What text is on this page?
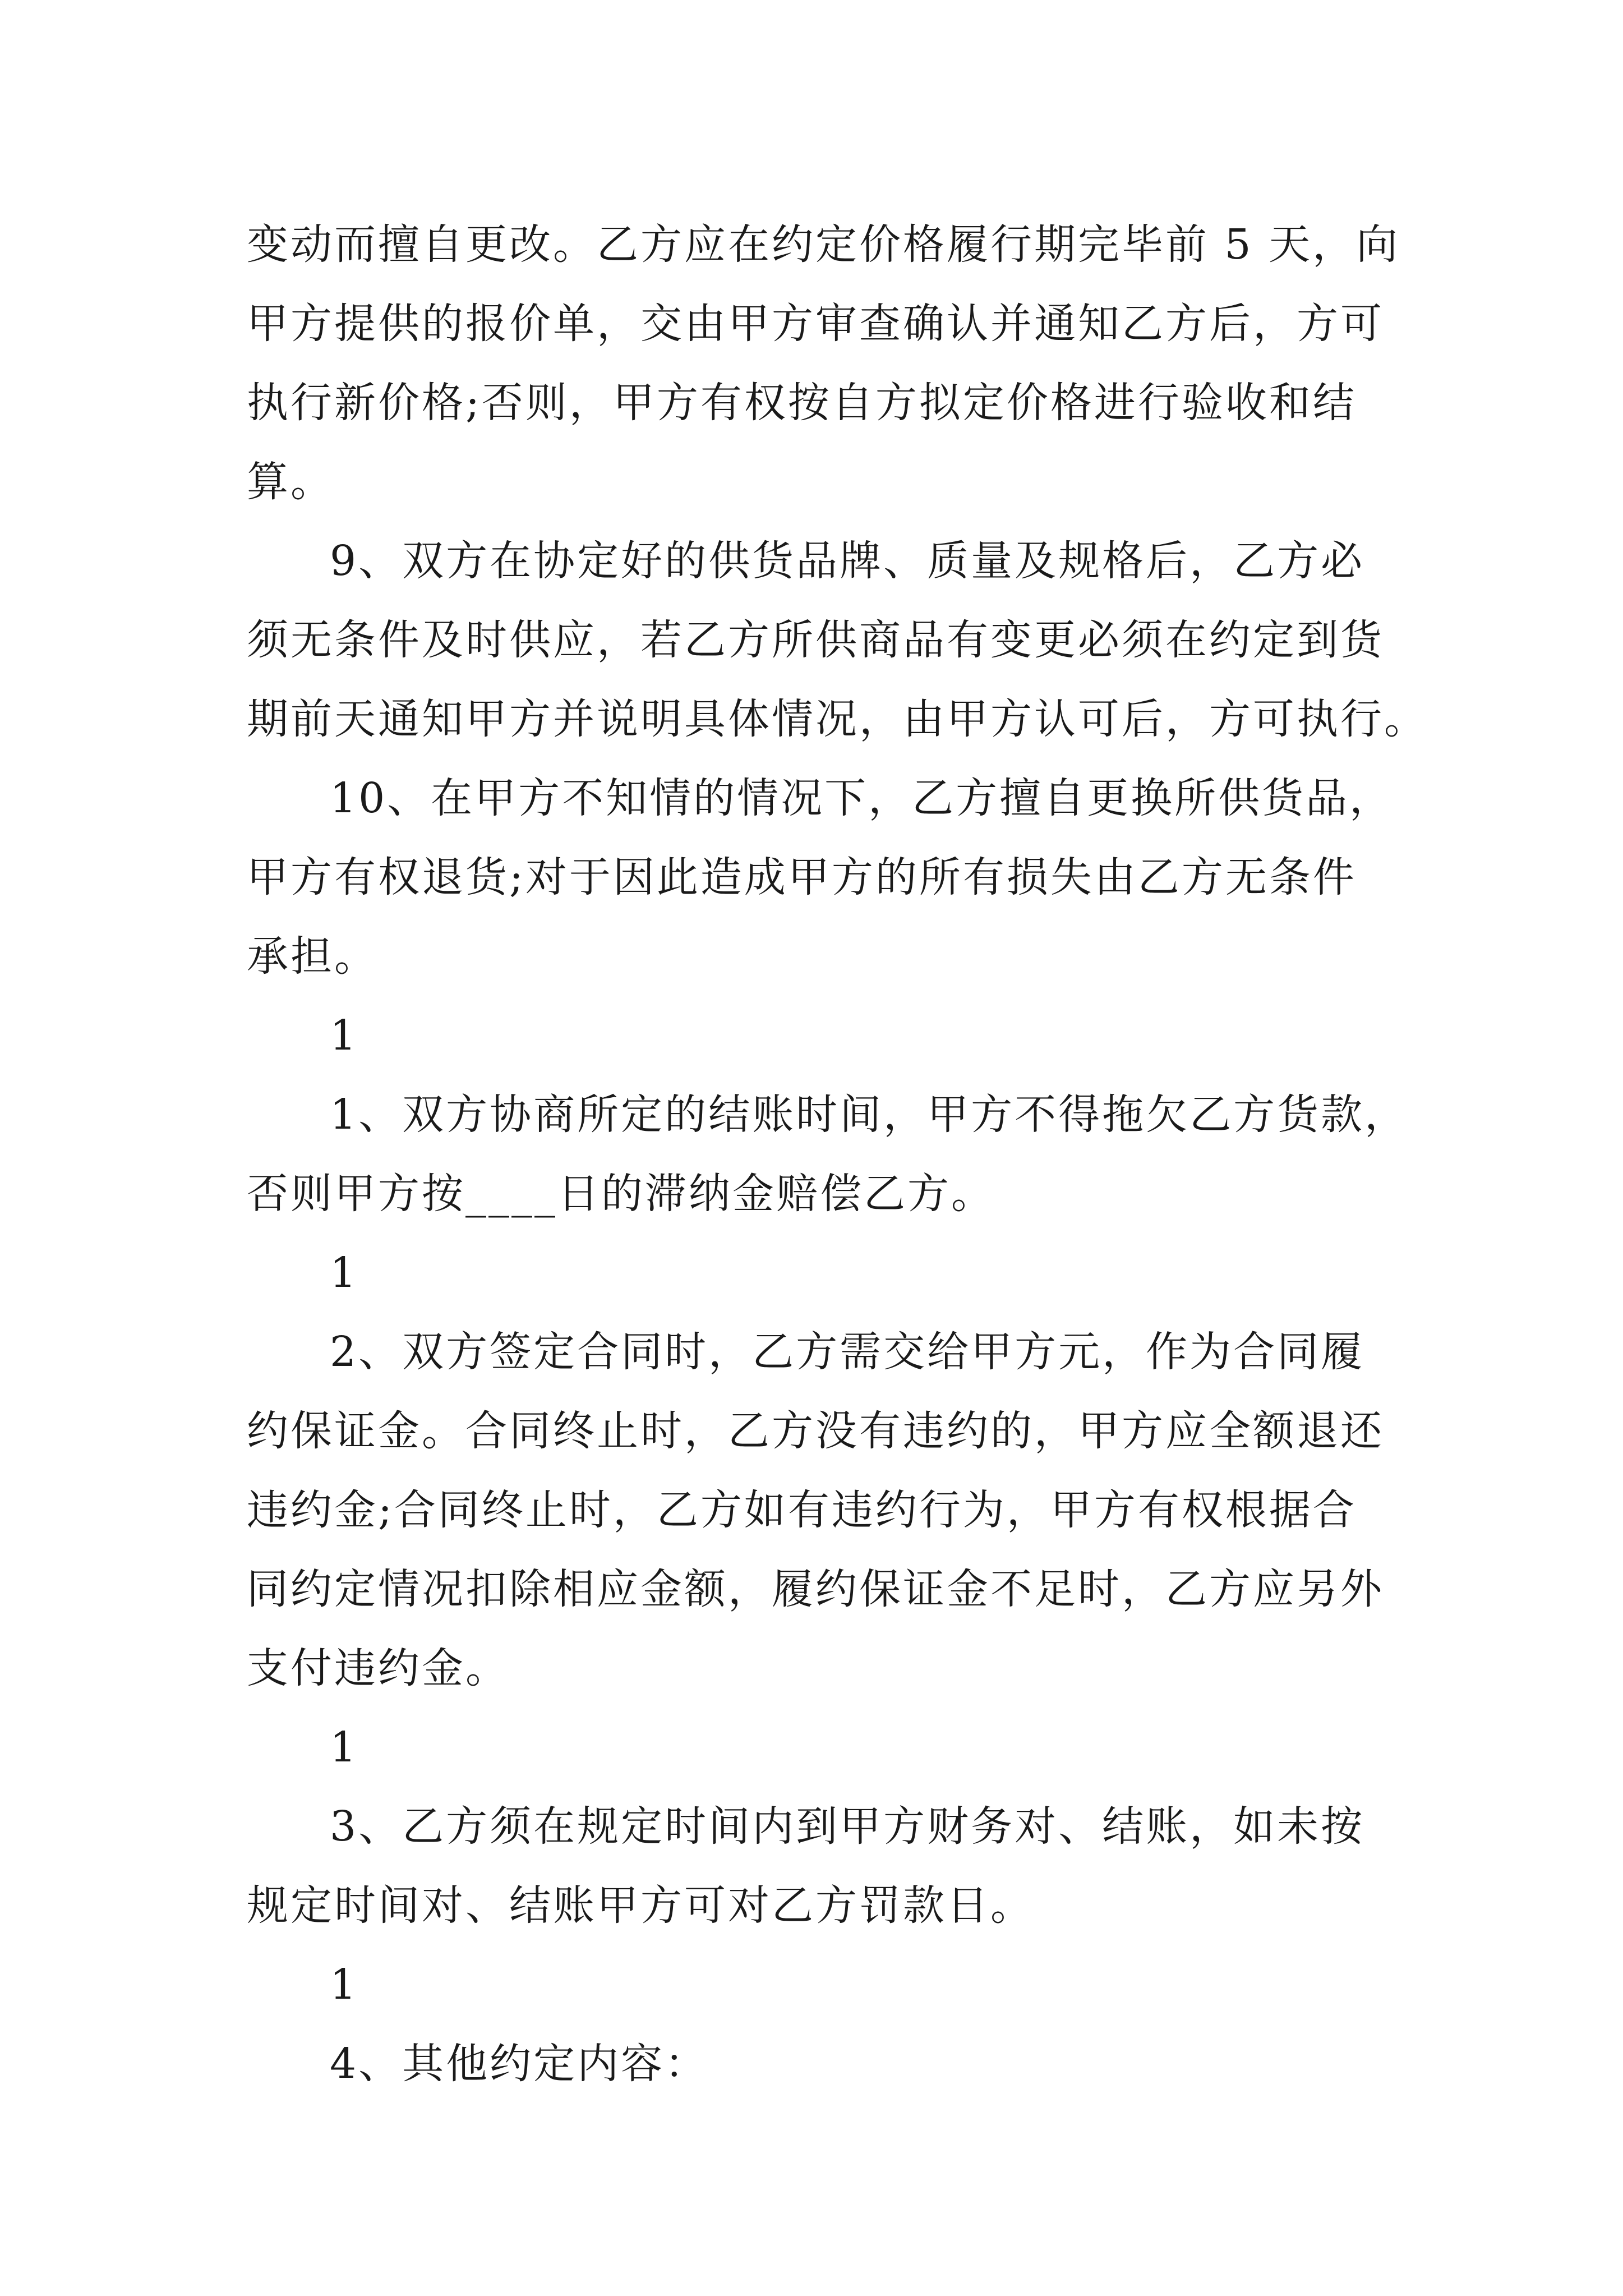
变动而擅自更改。乙方应在约定价格履行期完毕前 5 天，向
甲方提供的报价单，交由甲方审查确认并通知乙方后，方可
执行新价格;否则，甲方有权按自方拟定价格进行验收和结
算。
9、双方在协定好的供货品牌、质量及规格后，乙方必
须无条件及时供应，若乙方所供商品有变更必须在约定到货
期前天通知甲方并说明具体情况，由甲方认可后，方可执行。
10、在甲方不知情的情况下，乙方擅自更换所供货品，
甲方有权退货;对于因此造成甲方的所有损失由乙方无条件
承担。

1

1、双方协商所定的结账时间，甲方不得拖欠乙方货款，
否则甲方按____日的滞纳金赔偿乙方。

1

2、双方签定合同时，乙方需交给甲方元，作为合同履
约保证金。合同终止时，乙方没有违约的，甲方应全额退还
违约金;合同终止时，乙方如有违约行为，甲方有权根据合
同约定情况扣除相应金额，履约保证金不足时，乙方应另外
支付违约金。

1

3、乙方须在规定时间内到甲方财务对、结账，如未按
规定时间对、结账甲方可对乙方罚款日。

1

4、其他约定内容：
